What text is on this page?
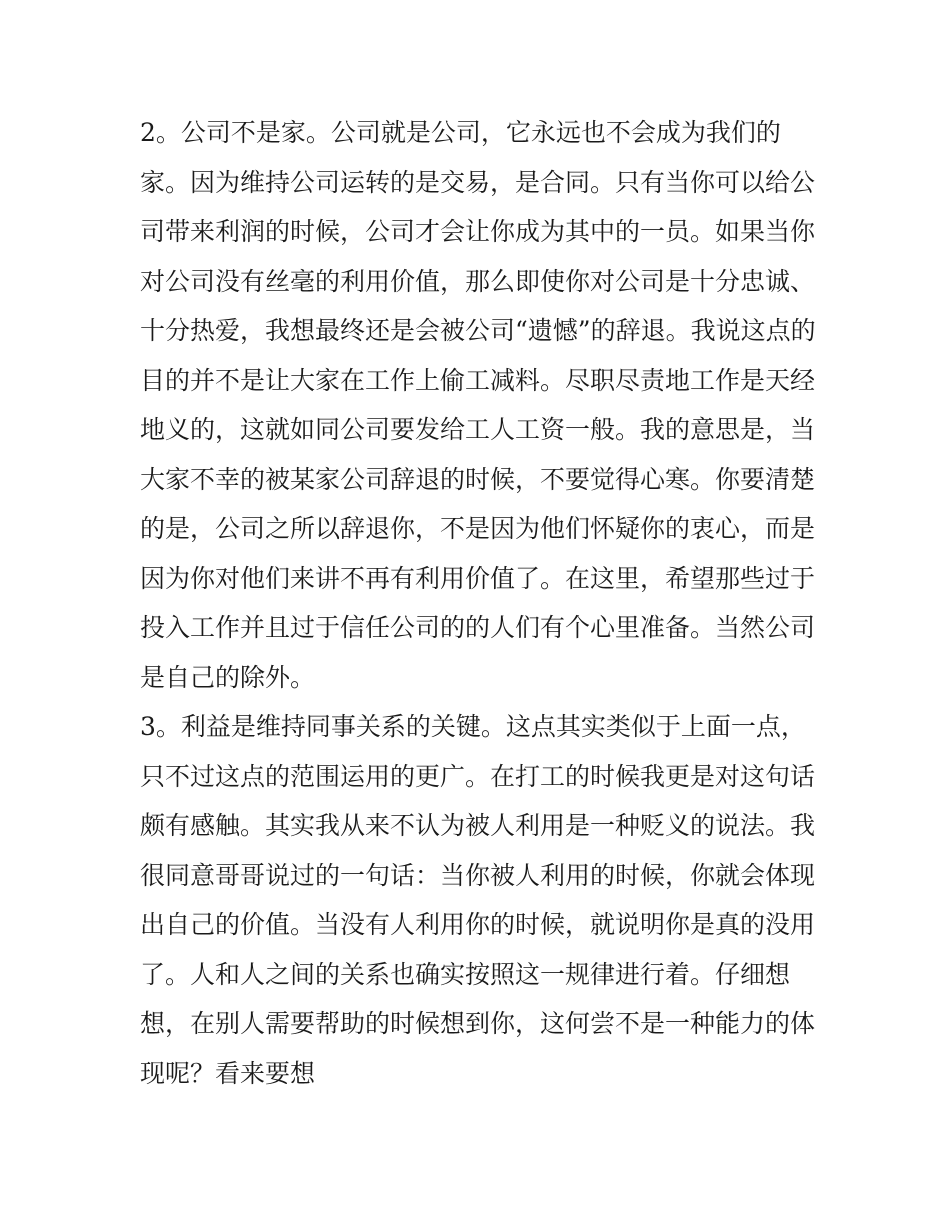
2。公司不是家。公司就是公司，它永远也不会成为我们的
家。因为维持公司运转的是交易，是合同。只有当你可以给公
司带来利润的时候，公司才会让你成为其中的一员。如果当你
对公司没有丝毫的利用价值，那么即使你对公司是十分忠诚、
十分热爱，我想最终还是会被公司“遗憾”的辞退。我说这点的
目的并不是让大家在工作上偷工减料。尽职尽责地工作是天经
地义的，这就如同公司要发给工人工资一般。我的意思是，当
大家不幸的被某家公司辞退的时候，不要觉得心寒。你要清楚
的是，公司之所以辞退你，不是因为他们怀疑你的衷心，而是
因为你对他们来讲不再有利用价值了。在这里，希望那些过于
投入工作并且过于信任公司的的人们有个心里准备。当然公司
是自己的除外。
3。利益是维持同事关系的关键。这点其实类似于上面一点，
只不过这点的范围运用的更广。在打工的时候我更是对这句话
颇有感触。其实我从来不认为被人利用是一种贬义的说法。我
很同意哥哥说过的一句话：当你被人利用的时候，你就会体现
出自己的价值。当没有人利用你的时候，就说明你是真的没用
了。人和人之间的关系也确实按照这一规律进行着。仔细想
想，在别人需要帮助的时候想到你，这何尝不是一种能力的体
现呢？看来要想
